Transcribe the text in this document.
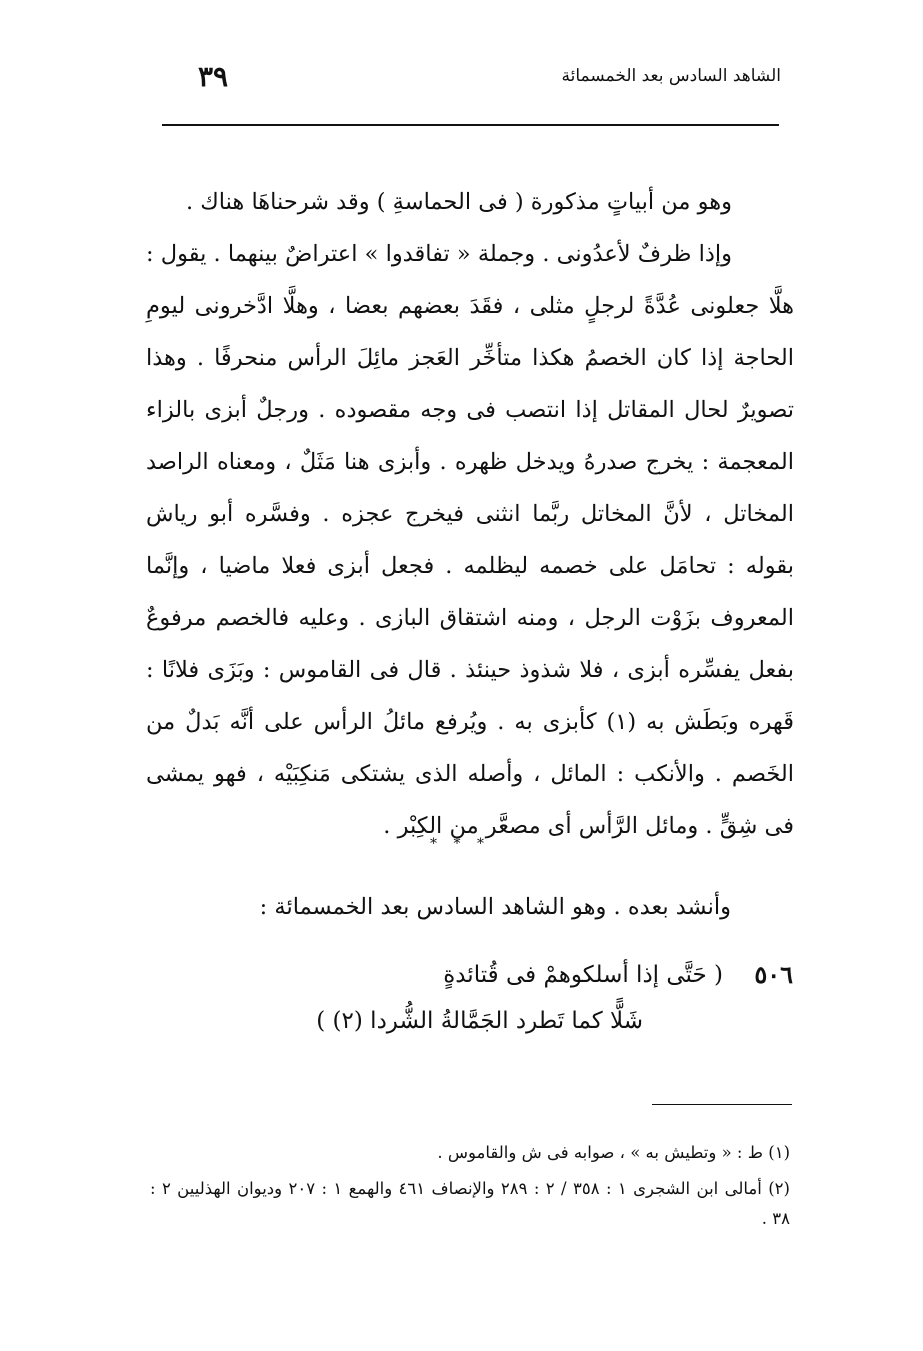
الشاهد السادس بعد الخمسمائة
٣٩

وهو من أبياتٍ مذكورة ( فى الحماسةِ ) وقد شرحناهَا هناك .

وإذا ظرفٌ لأعدُونى . وجملة « تفاقدوا » اعتراضٌ بينهما . يقول : هلَّا جعلونى عُدَّةً لرجلٍ مثلى ، فقَدَ بعضهم بعضا ، وهلَّا ادَّخرونى ليومِ الحاجة إذا كان الخصمُ هكذا متأخِّر العَجز مائِلَ الرأس منحرفًا . وهذا تصويرٌ لحال المقاتل إذا انتصب فى وجه مقصوده . ورجلٌ أبزى بالزاء المعجمة : يخرج صدرهُ ويدخل ظهره . وأبزى هنا مَثَلٌ ، ومعناه الراصد المخاتل ، لأنَّ المخاتل ربَّما انثنى فيخرج عجزه . وفسَّره أبو رياش بقوله : تحامَل على خصمه ليظلمه . فجعل أبزى فعلا ماضيا ، وإنَّما المعروف بزَوْت الرجل ، ومنه اشتقاق البازى . وعليه فالخصم مرفوعٌ بفعل يفسِّره أبزى ، فلا شذوذ حينئذ . قال فى القاموس : وبَزَى فلانًا : قَهره وبَطَش به (١) كأبزى به . ويُرفع مائلُ الرأس على أنَّه بَدلٌ من الخَصم . والأنكب : المائل ، وأصله الذى يشتكى مَنكِبَيْه ، فهو يمشى فى شِقٍّ . ومائل الرَّأس أى مصعَّر من الكِبْر .

* * *
وأنشد بعده . وهو الشاهد السادس بعد الخمسمائة :
٥٠٦
( حَتَّى إذا أسلكوهمْ فى قُتائدةٍ
شَلًّا كما تَطرد الجَمَّالةُ الشُّردا (٢) )

(١) ط : « وتطيش به » ، صوابه فى ش والقاموس .

(٢) أمالى ابن الشجرى ١ : ٣٥٨ / ٢ : ٢٨٩ والإنصاف ٤٦١ والهمع ١ : ٢٠٧ وديوان الهذليين ٢ : ٣٨ .
